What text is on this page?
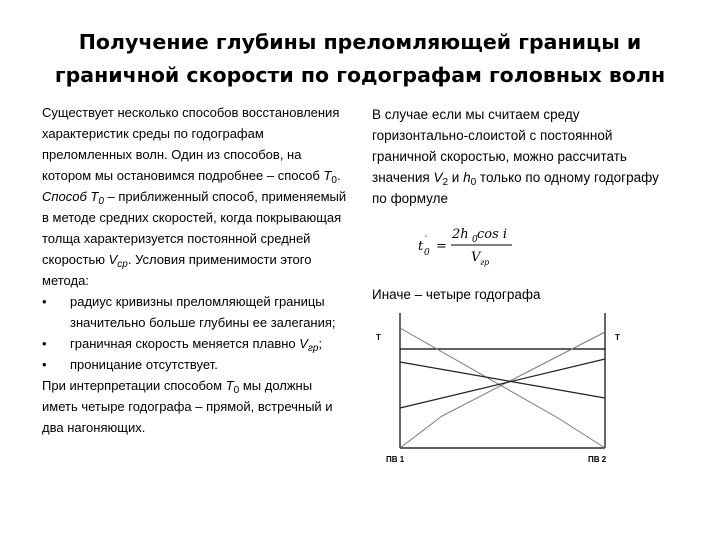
Получение глубины преломляющей границы и
граничной скорости по годографам головных волн

Существует несколько способов восстановления характеристик среды по годографам преломленных волн. Один из способов, на котором мы остановимся подробнее – способ $T_0$.

Способ $T_0$ – приближенный способ, применяемый в методе средних скоростей, когда покрывающая толща характеризуется постоянной средней скоростью $V_{ср}$. Условия применимости этого метода:

•	радиус кривизны преломляющей границы значительно больше глубины ее залегания;
•	граничная скорость меняется плавно $V_{гр}$;
•	проницание отсутствует.

При интерпретации способом $T_0$ мы должны иметь четыре годографа – прямой, встречный и два нагоняющих.

В случае если мы считаем среду горизонтально-слоистой с постоянной граничной скоростью, можно рассчитать значения $V_2$ и $h_0$ только по одному годографу по формуле

t 0
′ =
2h 0 cos i
V гр
Иначе – четыре годографа
T	T
ПВ 1	ПВ 2
